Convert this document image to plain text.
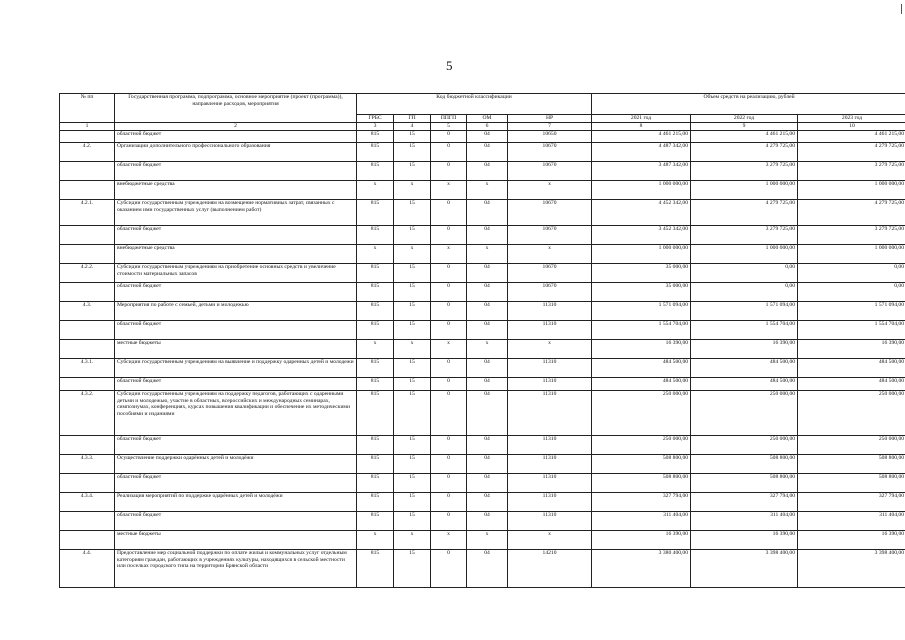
5
№ пп	Государственная программа, подпрограмма, основное мероприятие (проект (программа)), направление расходов, мероприятия	Код бюджетной классификации					Объем средств на реализацию, рублей		
		ГРБС	ГП	ППГП	ОМ	НР	2021 год	2022 год	2023 год
1	2	3	4	5	6	7	8	9	10
	областной бюджет	815	15	0	04	10650	4 461 215,00	4 461 215,00	4 461 215,00
4.2.	Организации дополнительного профессионального образования	815	15	0	04	10670	4 487 342,00	4 279 725,00	4 279 725,00
	областной бюджет	815	15	0	04	10670	3 487 342,00	3 279 725,00	3 279 725,00
	внебюджетные средства	х	х	х	х	х	1 000 000,00	1 000 000,00	1 000 000,00
4.2.1.	Субсидии государственным учреждениям на возмещение нормативных затрат, связанных с оказанием ими государственных услуг (выполнением работ)	815	15	0	04	10670	4 452 342,00	4 279 725,00	4 279 725,00
	областной бюджет	815	15	0	04	10670	3 452 342,00	3 279 725,00	3 279 725,00
	внебюджетные средства	х	х	х	х	х	1 000 000,00	1 000 000,00	1 000 000,00
4.2.2.	Субсидии государственным учреждениям на приобретение основных средств и увеличение стоимости материальных запасов	815	15	0	04	10670	35 000,00	0,00	0,00
	областной бюджет	815	15	0	04	10670	35 000,00	0,00	0,00
4.3.	Мероприятия по работе с семьей, детьми и молодежью	815	15	0	04	11310	1 571 094,00	1 571 094,00	1 571 094,00
	областной бюджет	815	15	0	04	11310	1 554 704,00	1 554 704,00	1 554 704,00
	местные бюджеты	х	х	х	х	х	16 390,00	16 390,00	16 390,00
4.3.1.	Субсидии государственным учреждениям на выявление и поддержку одаренных детей и молодежи	815	15	0	04	11310	484 500,00	484 500,00	484 500,00
	областной бюджет	815	15	0	04	11310	484 500,00	484 500,00	484 500,00
4.3.2.	Субсидии государственным учреждениям на поддержку педагогов, работающих с одаренными детьми и молодежью, участие в областных, всероссийских и международных семинарах, симпозиумах, конференциях, курсах повышения квалификации и обеспечение их методическими пособиями и изданиями	815	15	0	04	11310	250 000,00	250 000,00	250 000,00
	областной бюджет	815	15	0	04	11310	250 000,00	250 000,00	250 000,00
4.3.3.	Осуществление поддержки одарённых детей и молодёжи	815	15	0	04	11310	508 800,00	508 800,00	508 800,00
	областной бюджет	815	15	0	04	11310	508 800,00	508 800,00	508 800,00
4.3.4.	Реализация мероприятий по поддержке одарённых детей и молодёжи	815	15	0	04	11310	327 794,00	327 794,00	327 794,00
	областной бюджет	815	15	0	04	11310	311 404,00	311 404,00	311 404,00
	местные бюджеты	х	х	х	х	х	16 390,00	16 390,00	16 390,00
4.4.	Предоставление мер социальной поддержки по оплате жилья и коммунальных услуг отдельным категориям граждан, работающих в учреждениях культуры, находящихся в сельской местности или поселках городского типа на территории Брянской области	815	15	0	04	14210	3 380 400,00	3 398 400,00	3 398 400,00
